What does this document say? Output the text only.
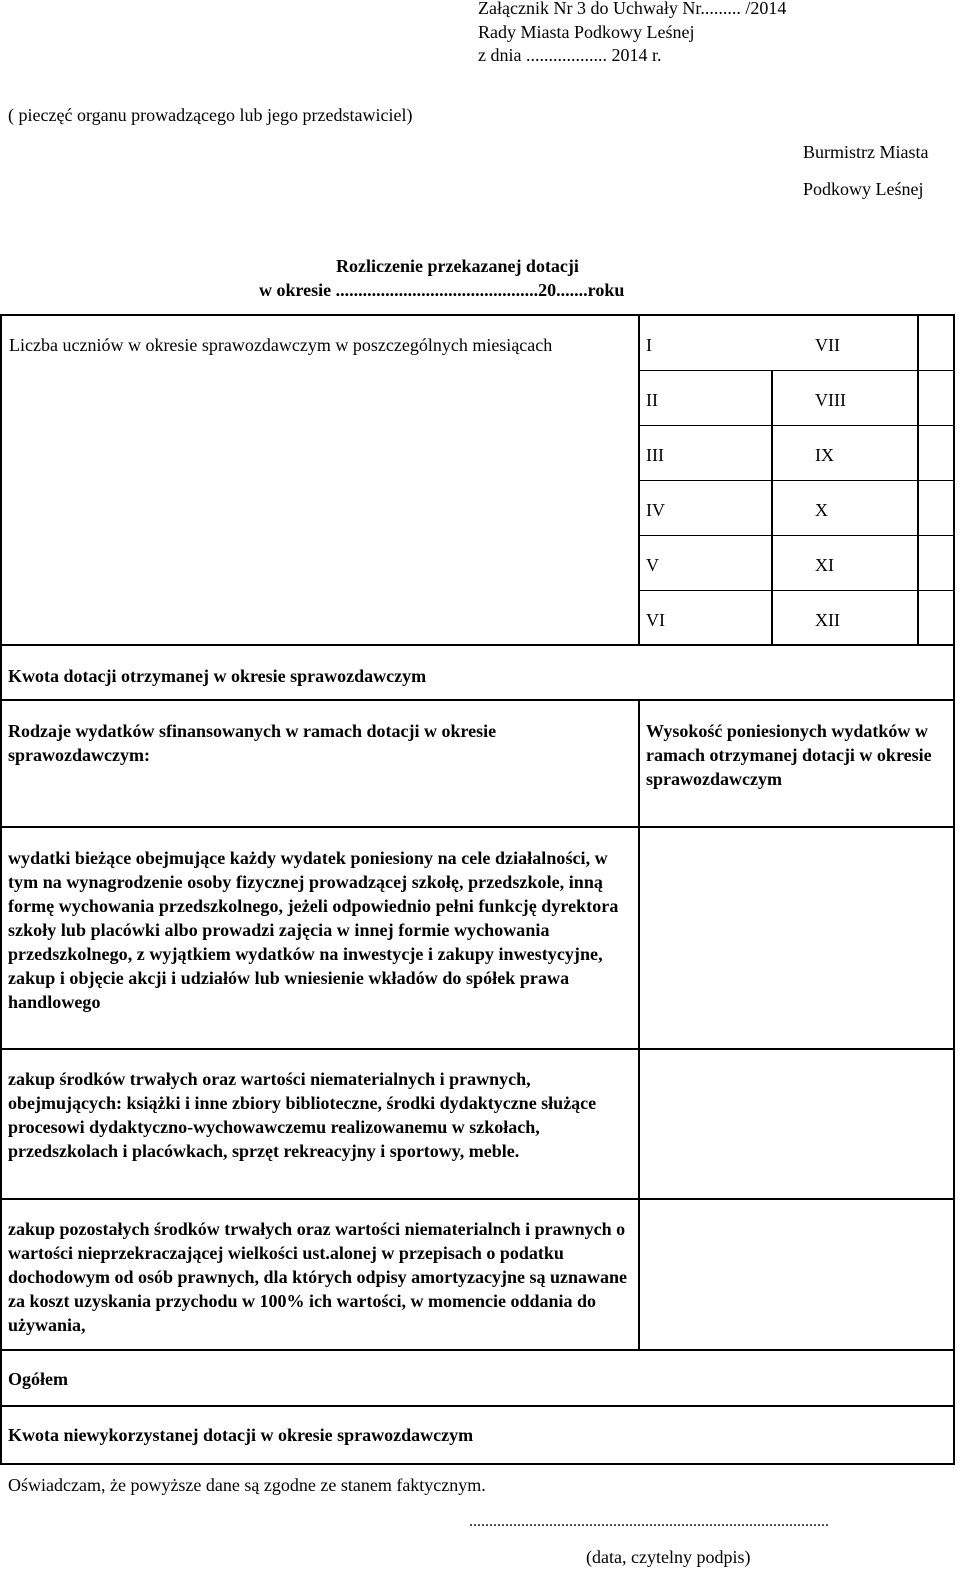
Załącznik Nr 3 do Uchwały Nr......... /2014
Rady Miasta Podkowy Leśnej
z dnia .................. 2014 r.
( pieczęć organu prowadzącego lub jego przedstawiciel)
Burmistrz Miasta
Podkowy Leśnej
Rozliczenie przekazanej dotacji
w okresie .............................................20.......roku
Liczba uczniów w okresie sprawozdawczym w poszczególnych miesiącach	I
II
III
IV
V
VI
VII
VIII
IX
X
XI
XII
Kwota dotacji otrzymanej w okresie sprawozdawczym
Rodzaje wydatków sfinansowanych w ramach dotacji w okresie sprawozdawczym:
Wysokość poniesionych wydatków w ramach otrzymanej dotacji w okresie sprawozdawczym
wydatki bieżące obejmujące każdy wydatek poniesiony na cele działalności, w tym na wynagrodzenie osoby fizycznej prowadzącej szkołę, przedszkole, inną formę wychowania przedszkolnego, jeżeli odpowiednio pełni funkcję dyrektora szkoły lub placówki albo prowadzi zajęcia w innej formie wychowania przedszkolnego, z wyjątkiem wydatków na inwestycje i zakupy inwestycyjne, zakup i objęcie akcji i udziałów lub wniesienie wkładów do spółek prawa handlowego
zakup środków trwałych oraz wartości niematerialnych i prawnych, obejmujących: książki i inne zbiory biblioteczne, środki dydaktyczne służące procesowi dydaktyczno-wychowawczemu realizowanemu w szkołach, przedszkolach i placówkach, sprzęt rekreacyjny i sportowy, meble.
zakup pozostałych środków trwałych oraz wartości niematerialnch i prawnych o wartości nieprzekraczającej wielkości ust.alonej w przepisach o podatku dochodowym od osób prawnych, dla których odpisy amortyzacyjne są uznawane za koszt uzyskania przychodu w 100% ich wartości, w momencie oddania do używania,
Ogółem
Kwota niewykorzystanej dotacji w okresie sprawozdawczym
Oświadczam, że powyższe dane są zgodne ze stanem faktycznym.
..........................................................................................
(data, czytelny podpis)
